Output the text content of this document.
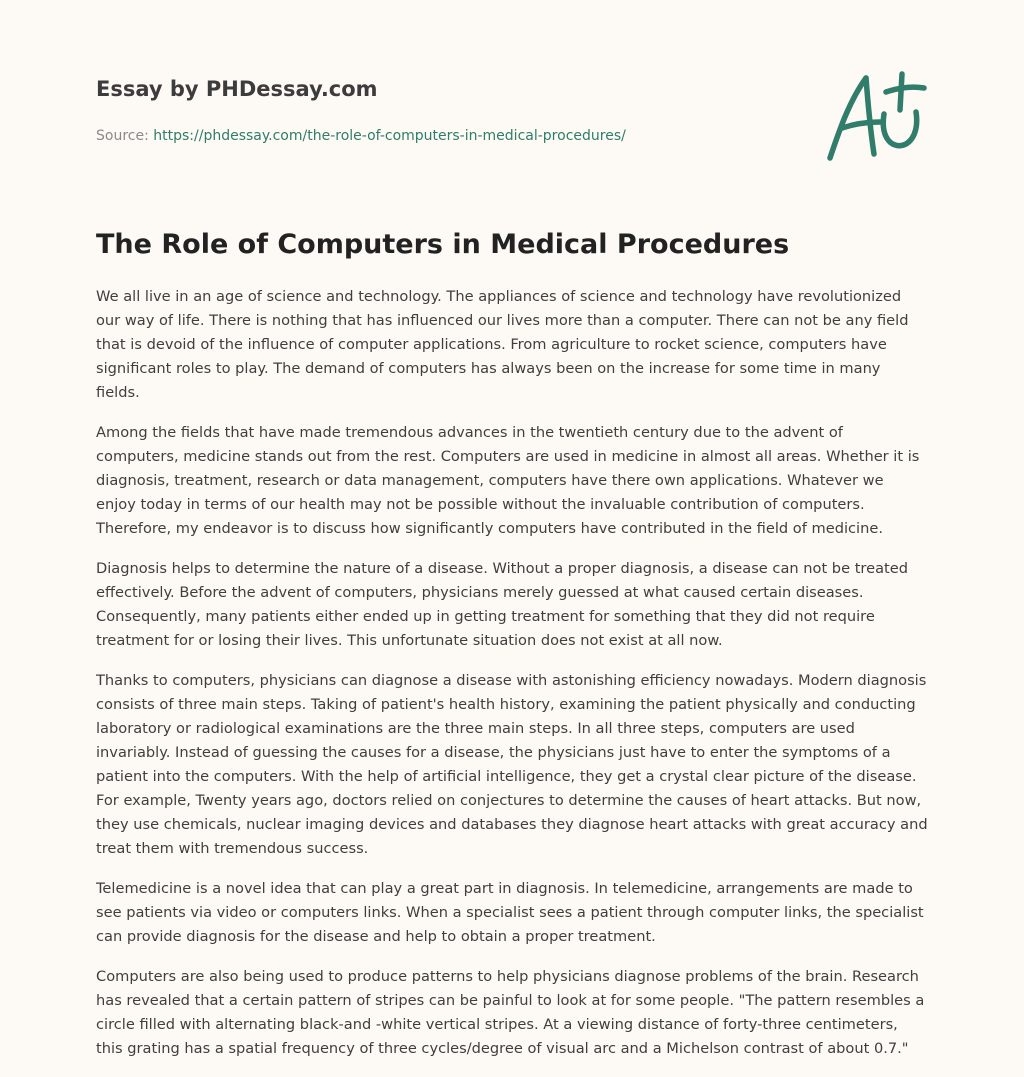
Essay by PHDessay.com
Source: https://phdessay.com/the-role-of-computers-in-medical-procedures/
The Role of Computers in Medical Procedures

We all live in an age of science and technology. The appliances of science and technology have revolutionized our way of life. There is nothing that has influenced our lives more than a computer. There can not be any field that is devoid of the influence of computer applications. From agriculture to rocket science, computers have significant roles to play. The demand of computers has always been on the increase for some time in many fields.

Among the fields that have made tremendous advances in the twentieth century due to the advent of computers, medicine stands out from the rest. Computers are used in medicine in almost all areas. Whether it is diagnosis, treatment, research or data management, computers have there own applications. Whatever we enjoy today in terms of our health may not be possible without the invaluable contribution of computers. Therefore, my endeavor is to discuss how significantly computers have contributed in the field of medicine.

Diagnosis helps to determine the nature of a disease. Without a proper diagnosis, a disease can not be treated effectively. Before the advent of computers, physicians merely guessed at what caused certain diseases. Consequently, many patients either ended up in getting treatment for something that they did not require treatment for or losing their lives. This unfortunate situation does not exist at all now.

Thanks to computers, physicians can diagnose a disease with astonishing efficiency nowadays. Modern diagnosis consists of three main steps. Taking of patient's health history, examining the patient physically and conducting laboratory or radiological examinations are the three main steps. In all three steps, computers are used invariably. Instead of guessing the causes for a disease, the physicians just have to enter the symptoms of a patient into the computers. With the help of artificial intelligence, they get a crystal clear picture of the disease. For example, Twenty years ago, doctors relied on conjectures to determine the causes of heart attacks. But now, they use chemicals, nuclear imaging devices and databases they diagnose heart attacks with great accuracy and treat them with tremendous success.

Telemedicine is a novel idea that can play a great part in diagnosis. In telemedicine, arrangements are made to see patients via video or computers links. When a specialist sees a patient through computer links, the specialist can provide diagnosis for the disease and help to obtain a proper treatment.

Computers are also being used to produce patterns to help physicians diagnose problems of the brain. Research has revealed that a certain pattern of stripes can be painful to look at for some people. "The pattern resembles a circle filled with alternating black-and -white vertical stripes. At a viewing distance of forty-three centimeters, this grating has a spatial frequency of three cycles/degree of visual arc and a Michelson contrast of about 0.7."
